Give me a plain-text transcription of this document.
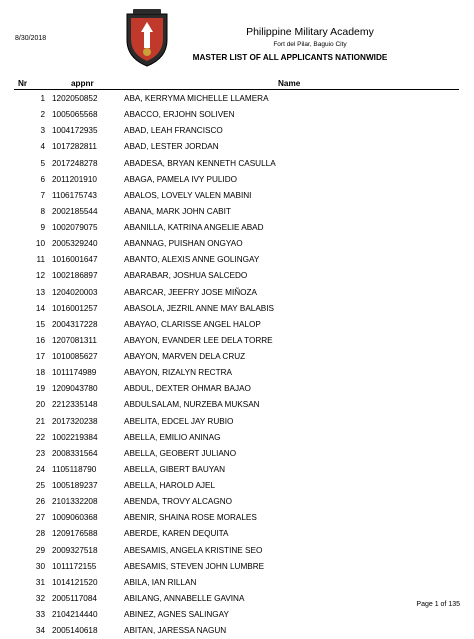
8/30/2018
Philippine Military Academy
Fort del Pilar, Baguio City
MASTER LIST OF ALL APPLICANTS NATIONWIDE
Nr	appnr	Name
1 1202050852	ABA, KERRYMA MICHELLE LLAMERA
2 1005065568	ABACCO, ERJOHN SOLIVEN
3 1004172935	ABAD, LEAH FRANCISCO
4 1017282811	ABAD, LESTER JORDAN
5 2017248278	ABADESA, BRYAN KENNETH CASULLA
6 2011201910	ABAGA, PAMELA IVY PULIDO
7 1106175743	ABALOS, LOVELY VALEN MABINI
8 2002185544	ABANA, MARK JOHN CABIT
9 1002079075	ABANILLA, KATRINA ANGELIE ABAD
10 2005329240	ABANNAG, PUISHAN ONGYAO
11 1016001647	ABANTO, ALEXIS ANNE GOLINGAY
12 1002186897	ABARABAR, JOSHUA SALCEDO
13 1204020003	ABARCAR, JEEFRY JOSE MIÑOZA
14 1016001257	ABASOLA, JEZRIL ANNE MAY BALABIS
15 2004317228	ABAYAO, CLARISSE ANGEL HALOP
16 1207081311	ABAYON, EVANDER LEE DELA TORRE
17 1010085627	ABAYON, MARVEN DELA CRUZ
18 1011174989	ABAYON, RIZALYN RECTRA
19 1209043780	ABDUL, DEXTER OHMAR BAJAO
20 2212335148	ABDULSALAM, NURZEBA MUKSAN
21 2017320238	ABELITA, EDCEL JAY RUBIO
22 1002219384	ABELLA, EMILIO ANINAG
23 2008331564	ABELLA, GEOBERT JULIANO
24 1105118790	ABELLA, GIBERT BAUYAN
25 1005189237	ABELLA, HAROLD AJEL
26 2101332208	ABENDA, TROVY ALCAGNO
27 1009060368	ABENIR, SHAINA ROSE MORALES
28 1209176588	ABERDE, KAREN DEQUITA
29 2009327518	ABESAMIS, ANGELA KRISTINE SEO
30 1011172155	ABESAMIS, STEVEN JOHN LUMBRE
31 1014121520	ABILA, IAN RILLAN
32 2005117084	ABILANG, ANNABELLE GAVINA
33 2104214440	ABINEZ, AGNES SALINGAY
34 2005140618	ABITAN, JARESSA NAGUN
Page 1 of 135
